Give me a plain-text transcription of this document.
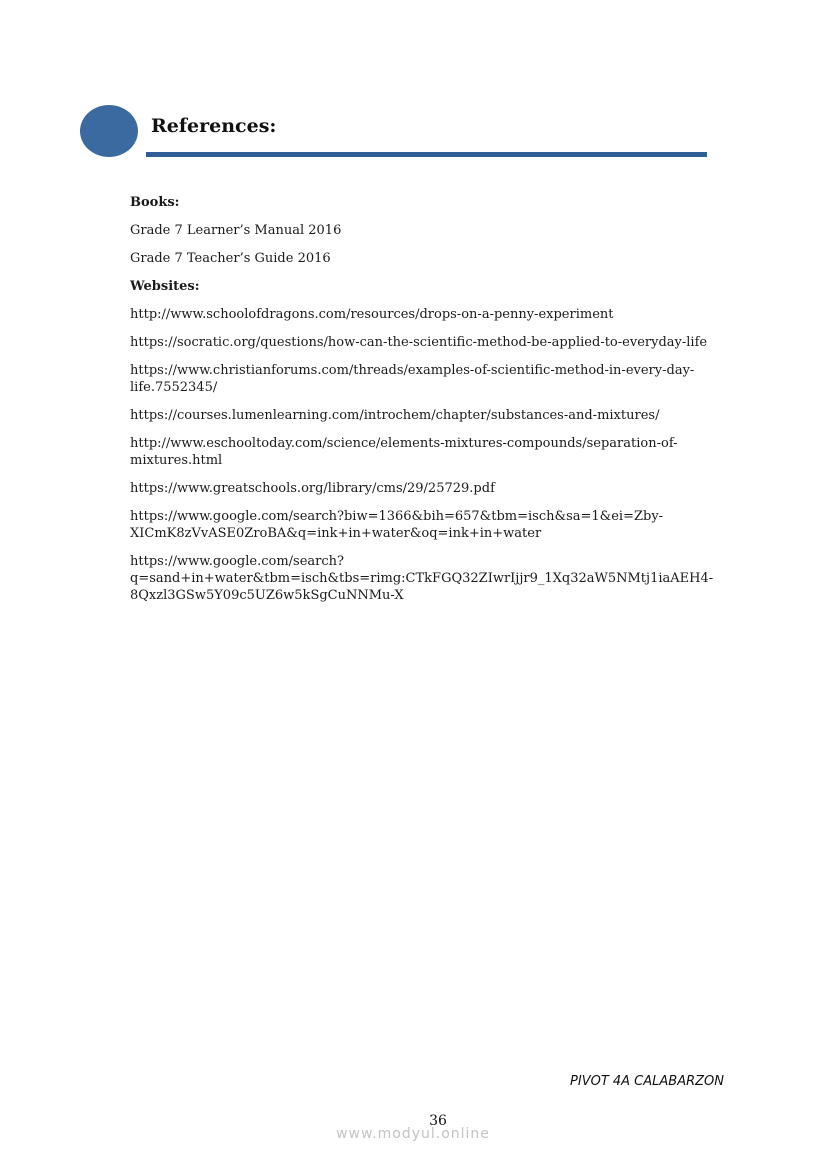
References:
Books:
Grade 7 Learner’s Manual 2016
Grade 7 Teacher’s Guide 2016
Websites:
http://www.schoolofdragons.com/resources/drops-on-a-penny-experiment
https://socratic.org/questions/how-can-the-scientific-method-be-applied-to-everyday-life
https://www.christianforums.com/threads/examples-of-scientific-method-in-every-day-life.7552345/
https://courses.lumenlearning.com/introchem/chapter/substances-and-mixtures/
http://www.eschooltoday.com/science/elements-mixtures-compounds/separation-of-mixtures.html
https://www.greatschools.org/library/cms/29/25729.pdf
https://www.google.com/search?biw=1366&bih=657&tbm=isch&sa=1&ei=Zby-XICmK8zVvASE0ZroBA&q=ink+in+water&oq=ink+in+water
https://www.google.com/search?q=sand+in+water&tbm=isch&tbs=rimg:CTkFGQ32ZIwrIjjr9_1Xq32aW5NMtj1iaAEH4-8Qxzl3GSw5Y09c5UZ6w5kSgCuNNMu-X
PIVOT 4A CALABARZON
36
www.modyul.online
